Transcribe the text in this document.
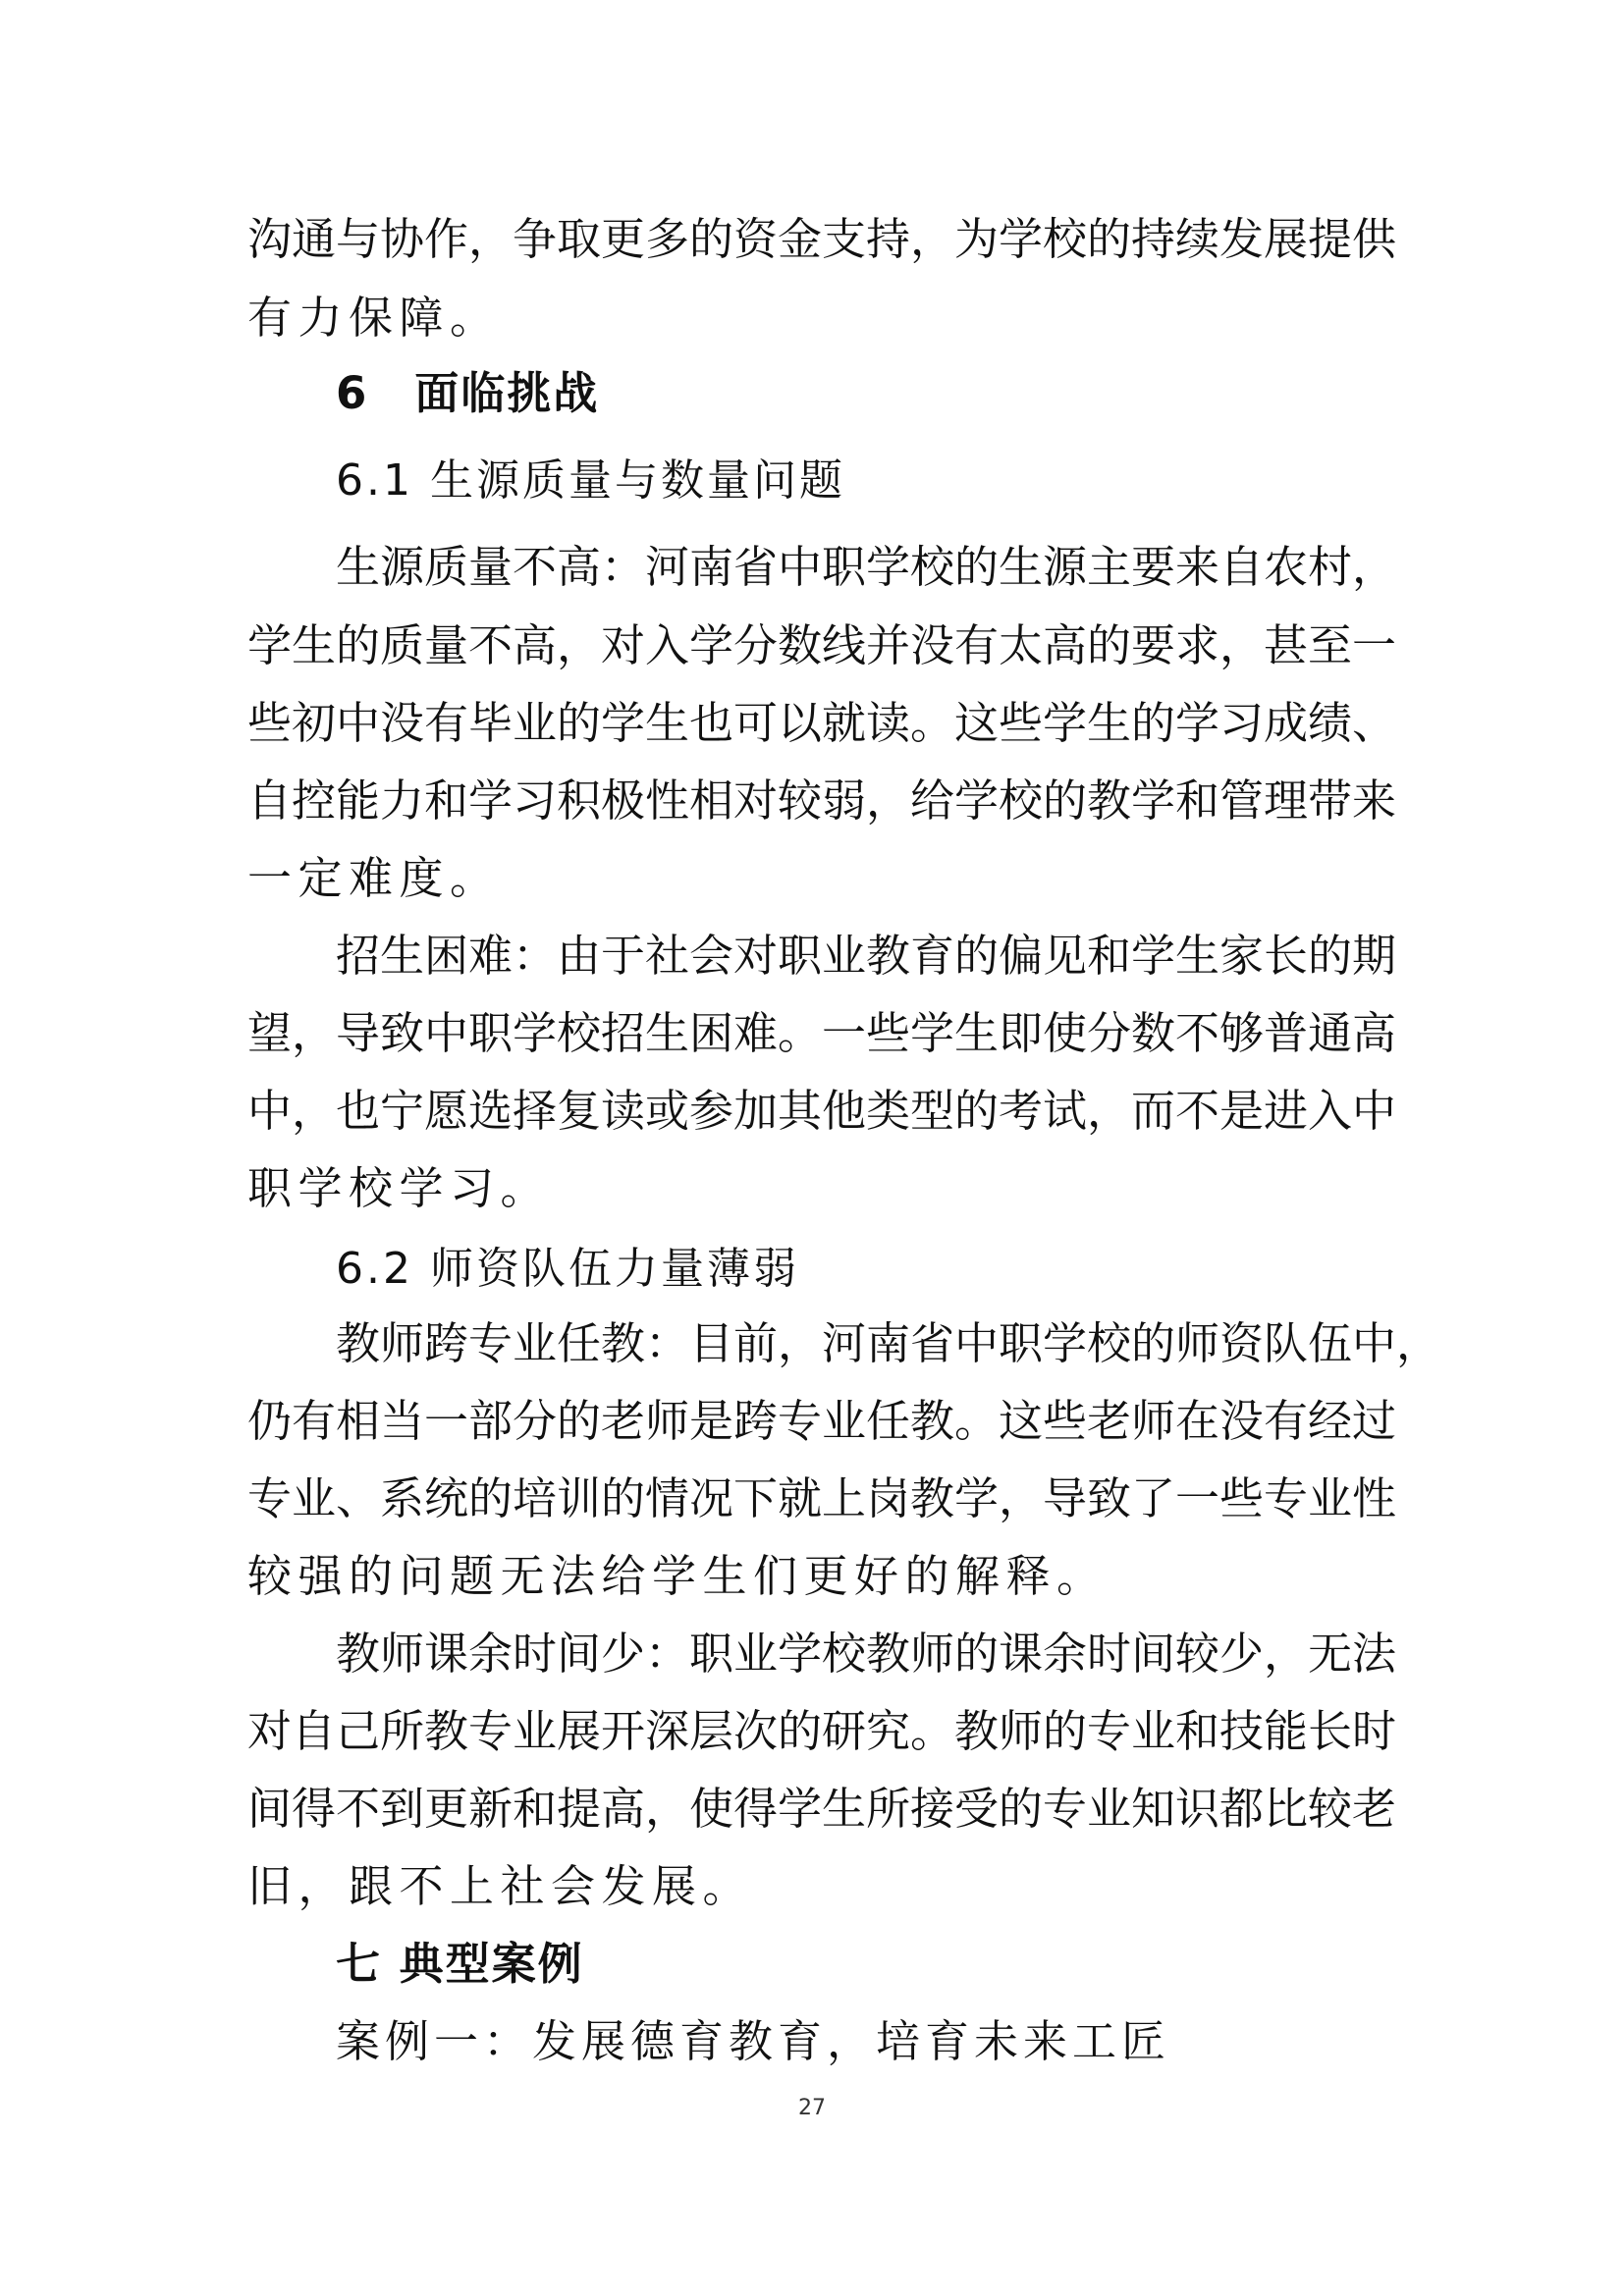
沟通与协作，争取更多的资金支持，为学校的持续发展提供
有力保障。
6　面临挑战
6.1 生源质量与数量问题
生源质量不高：河南省中职学校的生源主要来自农村，
学生的质量不高，对入学分数线并没有太高的要求，甚至一
些初中没有毕业的学生也可以就读。这些学生的学习成绩、
自控能力和学习积极性相对较弱，给学校的教学和管理带来
一定难度。
招生困难：由于社会对职业教育的偏见和学生家长的期
望，导致中职学校招生困难。一些学生即使分数不够普通高
中，也宁愿选择复读或参加其他类型的考试，而不是进入中
职学校学习。
6.2 师资队伍力量薄弱
教师跨专业任教：目前，河南省中职学校的师资队伍中，
仍有相当一部分的老师是跨专业任教。这些老师在没有经过
专业、系统的培训的情况下就上岗教学，导致了一些专业性
较强的问题无法给学生们更好的解释。
教师课余时间少：职业学校教师的课余时间较少，无法
对自己所教专业展开深层次的研究。教师的专业和技能长时
间得不到更新和提高，使得学生所接受的专业知识都比较老
旧，跟不上社会发展。
七 典型案例
案例一：发展德育教育，培育未来工匠
27
